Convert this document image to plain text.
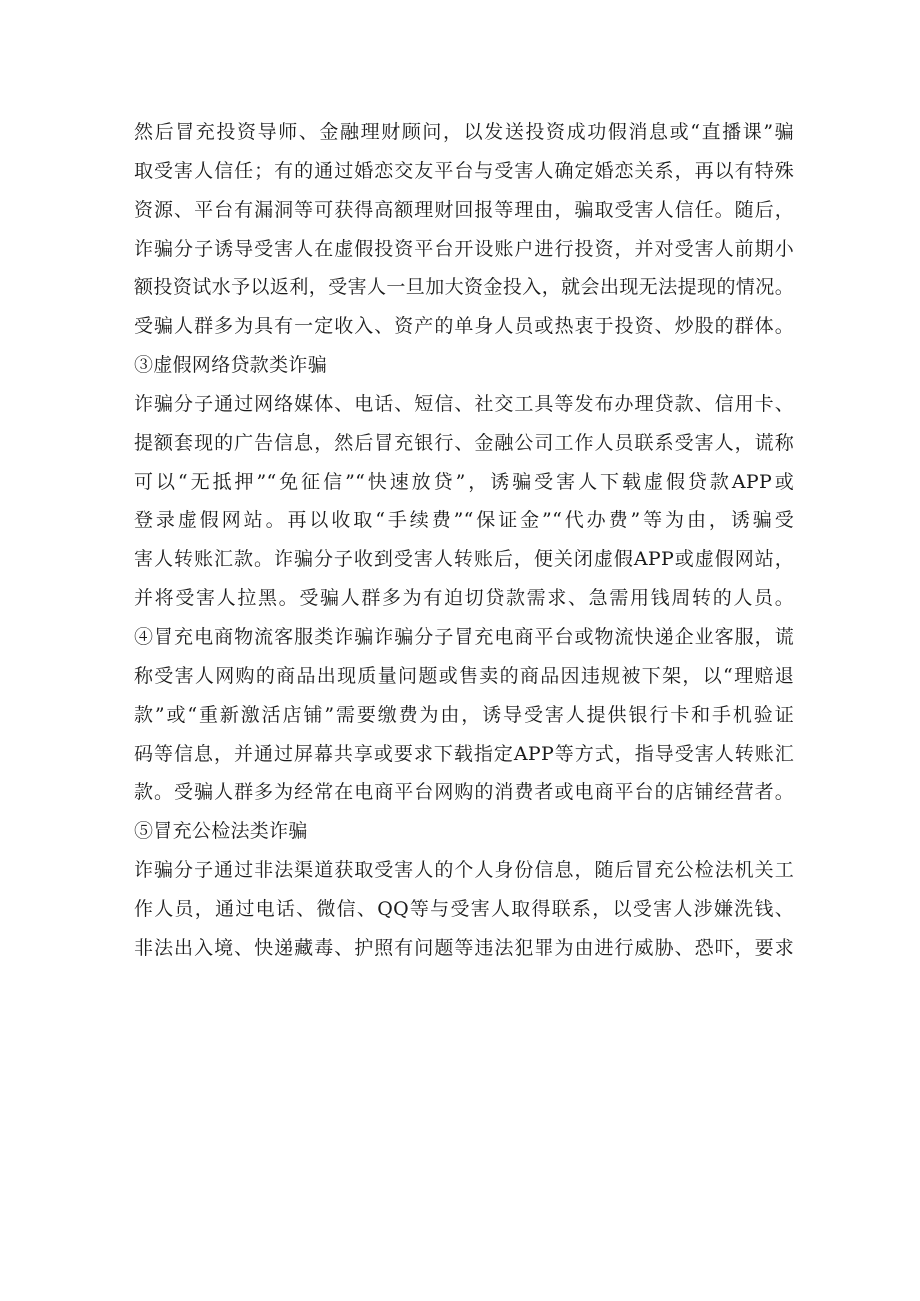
然后冒充投资导师、金融理财顾问，以发送投资成功假消息或“直播课”骗
取受害人信任；有的通过婚恋交友平台与受害人确定婚恋关系，再以有特殊
资源、平台有漏洞等可获得高额理财回报等理由，骗取受害人信任。随后，
诈骗分子诱导受害人在虚假投资平台开设账户进行投资，并对受害人前期小
额投资试水予以返利，受害人一旦加大资金投入，就会出现无法提现的情况。
受骗人群多为具有一定收入、资产的单身人员或热衷于投资、炒股的群体。
③虚假网络贷款类诈骗
诈骗分子通过网络媒体、电话、短信、社交工具等发布办理贷款、信用卡、
提额套现的广告信息，然后冒充银行、金融公司工作人员联系受害人，谎称
可以“无抵押”“免征信”“快速放贷”，诱骗受害人下载虚假贷款APP或
登录虚假网站。再以收取“手续费”“保证金”“代办费”等为由，诱骗受
害人转账汇款。诈骗分子收到受害人转账后，便关闭虚假APP或虚假网站，
并将受害人拉黑。受骗人群多为有迫切贷款需求、急需用钱周转的人员。
④冒充电商物流客服类诈骗诈骗分子冒充电商平台或物流快递企业客服，谎
称受害人网购的商品出现质量问题或售卖的商品因违规被下架，以“理赔退
款”或“重新激活店铺”需要缴费为由，诱导受害人提供银行卡和手机验证
码等信息，并通过屏幕共享或要求下载指定APP等方式，指导受害人转账汇
款。受骗人群多为经常在电商平台网购的消费者或电商平台的店铺经营者。
⑤冒充公检法类诈骗
诈骗分子通过非法渠道获取受害人的个人身份信息，随后冒充公检法机关工
作人员，通过电话、微信、QQ等与受害人取得联系，以受害人涉嫌洗钱、
非法出入境、快递藏毒、护照有问题等违法犯罪为由进行威胁、恐吓，要求
